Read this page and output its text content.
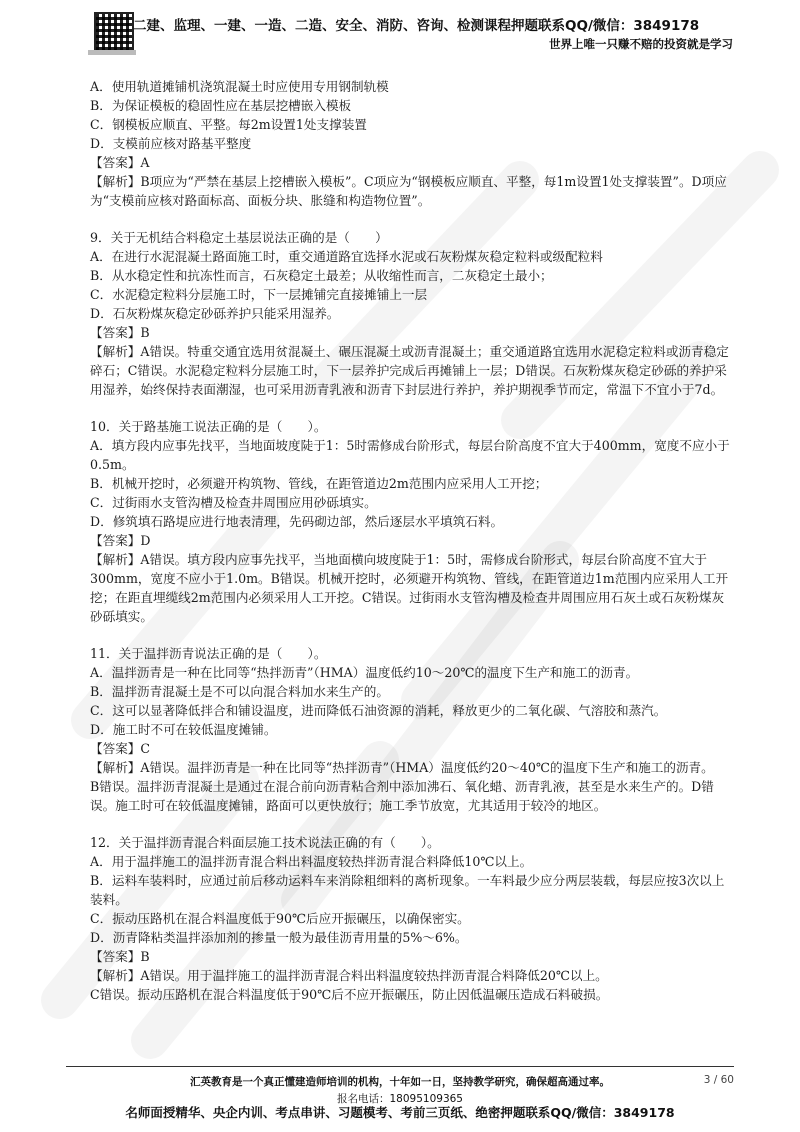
二建、监理、一建、一造、二造、安全、消防、咨询、检测课程押题联系QQ/微信：3849178
世界上唯一只赚不赔的投资就是学习

A．使用轨道摊铺机浇筑混凝土时应使用专用钢制轨模

B．为保证模板的稳固性应在基层挖槽嵌入模板

C．钢模板应顺直、平整。每2m设置1处支撑装置

D．支模前应核对路基平整度

【答案】A

【解析】B项应为“严禁在基层上挖槽嵌入模板”。C项应为“钢模板应顺直、平整，每1m设置1处支撑装置”。D项应为“支模前应核对路面标高、面板分块、胀缝和构造物位置”。

9．关于无机结合料稳定土基层说法正确的是（　　）

A．在进行水泥混凝土路面施工时，重交通道路宜选择水泥或石灰粉煤灰稳定粒料或级配粒料

B．从水稳定性和抗冻性而言，石灰稳定土最差；从收缩性而言，二灰稳定土最小；

C．水泥稳定粒料分层施工时，下一层摊铺完直接摊铺上一层

D．石灰粉煤灰稳定砂砾养护只能采用湿养。

【答案】B

【解析】A错误。特重交通宜选用贫混凝土、碾压混凝土或沥青混凝土；重交通道路宜选用水泥稳定粒料或沥青稳定碎石；C错误。水泥稳定粒料分层施工时，下一层养护完成后再摊铺上一层；D错误。石灰粉煤灰稳定砂砾的养护采用湿养，始终保持表面潮湿，也可采用沥青乳液和沥青下封层进行养护，养护期视季节而定，常温下不宜小于7d。

10．关于路基施工说法正确的是（　　）。

A．填方段内应事先找平，当地面坡度陡于1：5时需修成台阶形式，每层台阶高度不宜大于400mm，宽度不应小于0.5m。

B．机械开挖时，必须避开构筑物、管线，在距管道边2m范围内应采用人工开挖；

C．过街雨水支管沟槽及检查井周围应用砂砾填实。

D．修筑填石路堤应进行地表清理，先码砌边部，然后逐层水平填筑石料。

【答案】D

【解析】A错误。填方段内应事先找平，当地面横向坡度陡于1：5时，需修成台阶形式，每层台阶高度不宜大于300mm，宽度不应小于1.0m。B错误。机械开挖时，必须避开构筑物、管线，在距管道边1m范围内应采用人工开挖；在距直埋缆线2m范围内必须采用人工开挖。C错误。过街雨水支管沟槽及检查井周围应用石灰土或石灰粉煤灰砂砾填实。

11．关于温拌沥青说法正确的是（　　）。

A．温拌沥青是一种在比同等“热拌沥青”（HMA）温度低约10～20℃的温度下生产和施工的沥青。

B．温拌沥青混凝土是不可以向混合料加水来生产的。

C．这可以显著降低拌合和铺设温度，进而降低石油资源的消耗，释放更少的二氧化碳、气溶胶和蒸汽。

D．施工时不可在较低温度摊铺。

【答案】C

【解析】A错误。温拌沥青是一种在比同等“热拌沥青”（HMA）温度低约20～40℃的温度下生产和施工的沥青。

B错误。温拌沥青混凝土是通过在混合前向沥青粘合剂中添加沸石、氧化蜡、沥青乳液，甚至是水来生产的。D错误。施工时可在较低温度摊铺，路面可以更快放行；施工季节放宽，尤其适用于较冷的地区。

12．关于温拌沥青混合料面层施工技术说法正确的有（　　）。

A．用于温拌施工的温拌沥青混合料出料温度较热拌沥青混合料降低10℃以上。

B．运料车装料时，应通过前后移动运料车来消除粗细料的离析现象。一车料最少应分两层装载，每层应按3次以上装料。

C．振动压路机在混合料温度低于90℃后应开振碾压，以确保密实。

D．沥青降粘类温拌添加剂的掺量一般为最佳沥青用量的5%～6%。

【答案】B

【解析】A错误。用于温拌施工的温拌沥青混合料出料温度较热拌沥青混合料降低20℃以上。

C错误。振动压路机在混合料温度低于90℃后不应开振碾压，防止因低温碾压造成石料破损。

汇英教育是一个真正懂建造师培训的机构，十年如一日，坚持教学研究，确保超高通过率。	3 / 60
报名电话：18095109365
名师面授精华、央企内训、考点串讲、习题模考、考前三页纸、绝密押题联系QQ/微信：3849178
